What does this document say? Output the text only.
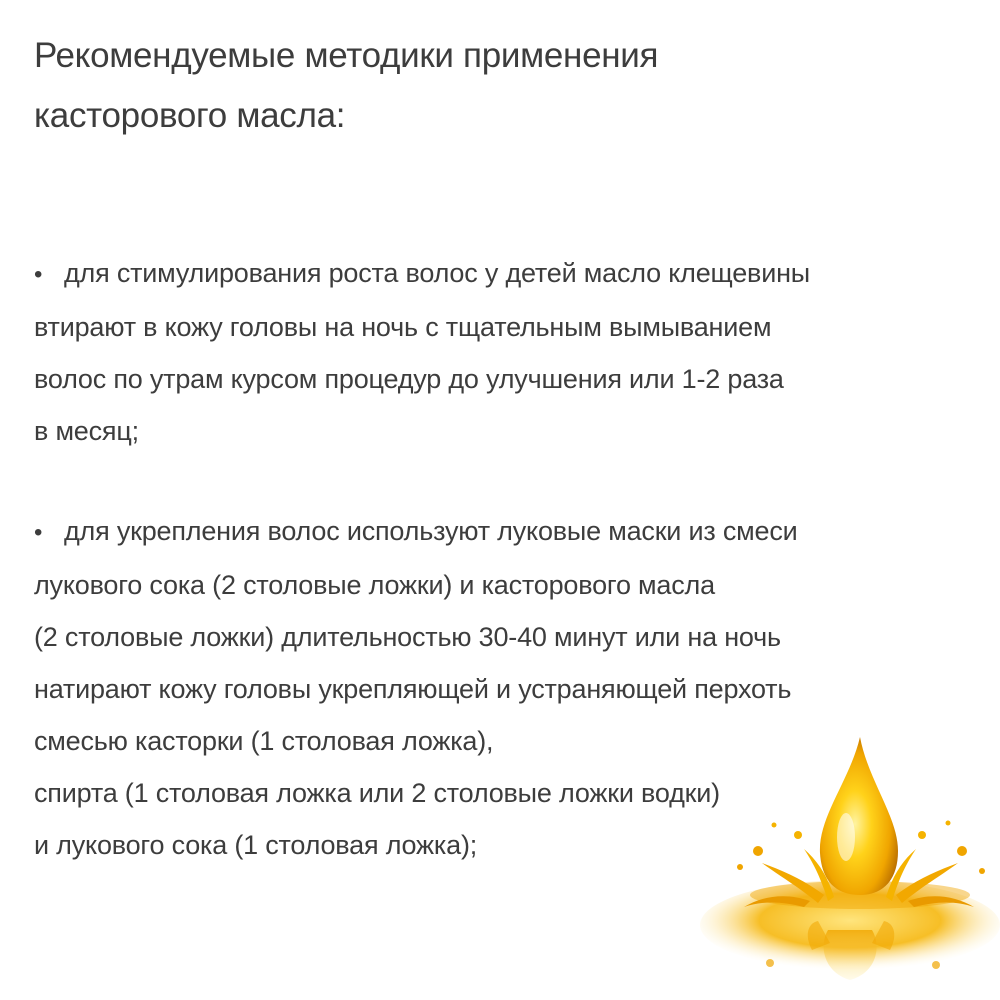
Рекомендуемые методики применения
касторового масла:

• для стимулирования роста волос у детей масло клещевины
втирают в кожу головы на ночь с тщательным вымыванием
волос по утрам курсом процедур до улучшения или 1-2 раза
в месяц;

• для укрепления волос используют луковые маски из смеси
лукового сока (2 столовые ложки) и касторового масла
(2 столовые ложки) длительностью 30-40 минут или на ночь
натирают кожу головы укрепляющей и устраняющей перхоть
смесью касторки (1 столовая ложка),
спирта (1 столовая ложка или 2 столовые ложки водки)
и лукового сока (1 столовая ложка);
